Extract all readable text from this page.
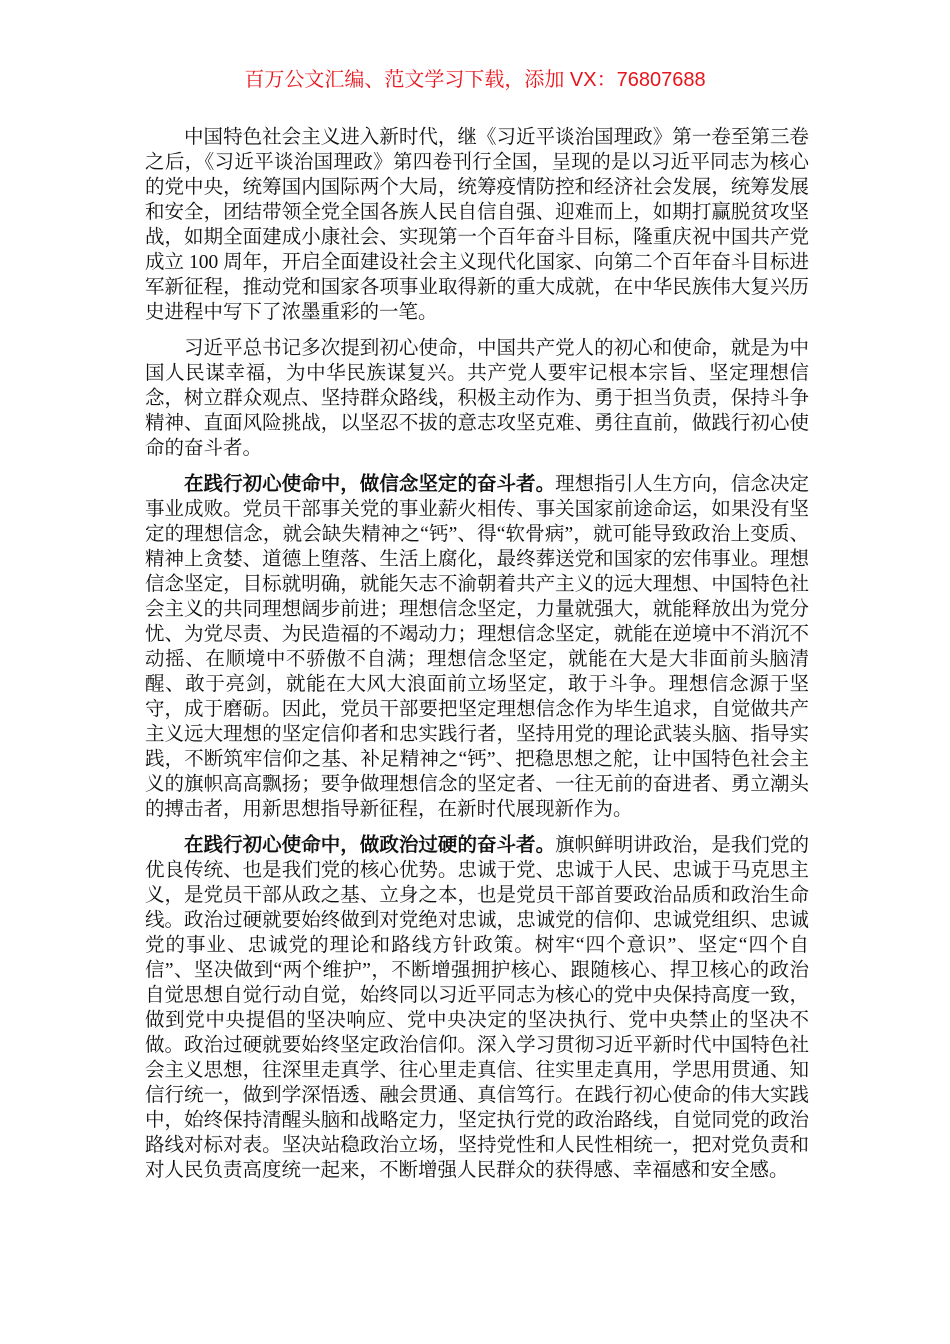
百万公文汇编、范文学习下载，添加 VX：76807688

中国特色社会主义进入新时代，继《习近平谈治国理政》第一卷至第三卷之后，《习近平谈治国理政》第四卷刊行全国，呈现的是以习近平同志为核心的党中央，统筹国内国际两个大局，统筹疫情防控和经济社会发展，统筹发展和安全，团结带领全党全国各族人民自信自强、迎难而上，如期打赢脱贫攻坚战，如期全面建成小康社会、实现第一个百年奋斗目标，隆重庆祝中国共产党成立 100 周年，开启全面建设社会主义现代化国家、向第二个百年奋斗目标进军新征程，推动党和国家各项事业取得新的重大成就，在中华民族伟大复兴历史进程中写下了浓墨重彩的一笔。

习近平总书记多次提到初心使命，中国共产党人的初心和使命，就是为中国人民谋幸福，为中华民族谋复兴。共产党人要牢记根本宗旨、坚定理想信念，树立群众观点、坚持群众路线，积极主动作为、勇于担当负责，保持斗争精神、直面风险挑战，以坚忍不拔的意志攻坚克难、勇往直前，做践行初心使命的奋斗者。

在践行初心使命中，做信念坚定的奋斗者。理想指引人生方向，信念决定事业成败。党员干部事关党的事业薪火相传、事关国家前途命运，如果没有坚定的理想信念，就会缺失精神之“钙”、得“软骨病”，就可能导致政治上变质、精神上贪婪、道德上堕落、生活上腐化，最终葬送党和国家的宏伟事业。理想信念坚定，目标就明确，就能矢志不渝朝着共产主义的远大理想、中国特色社会主义的共同理想阔步前进；理想信念坚定，力量就强大，就能释放出为党分忧、为党尽责、为民造福的不竭动力；理想信念坚定，就能在逆境中不消沉不动摇、在顺境中不骄傲不自满；理想信念坚定，就能在大是大非面前头脑清醒、敢于亮剑，就能在大风大浪面前立场坚定，敢于斗争。理想信念源于坚守，成于磨砺。因此，党员干部要把坚定理想信念作为毕生追求，自觉做共产主义远大理想的坚定信仰者和忠实践行者，坚持用党的理论武装头脑、指导实践，不断筑牢信仰之基、补足精神之“钙”、把稳思想之舵，让中国特色社会主义的旗帜高高飘扬；要争做理想信念的坚定者、一往无前的奋进者、勇立潮头的搏击者，用新思想指导新征程，在新时代展现新作为。

在践行初心使命中，做政治过硬的奋斗者。旗帜鲜明讲政治，是我们党的优良传统、也是我们党的核心优势。忠诚于党、忠诚于人民、忠诚于马克思主义，是党员干部从政之基、立身之本，也是党员干部首要政治品质和政治生命线。政治过硬就要始终做到对党绝对忠诚，忠诚党的信仰、忠诚党组织、忠诚党的事业、忠诚党的理论和路线方针政策。树牢“四个意识”、坚定“四个自信”、坚决做到“两个维护”，不断增强拥护核心、跟随核心、捍卫核心的政治自觉思想自觉行动自觉，始终同以习近平同志为核心的党中央保持高度一致，做到党中央提倡的坚决响应、党中央决定的坚决执行、党中央禁止的坚决不做。政治过硬就要始终坚定政治信仰。深入学习贯彻习近平新时代中国特色社会主义思想，往深里走真学、往心里走真信、往实里走真用，学思用贯通、知信行统一，做到学深悟透、融会贯通、真信笃行。在践行初心使命的伟大实践中，始终保持清醒头脑和战略定力，坚定执行党的政治路线，自觉同党的政治路线对标对表。坚决站稳政治立场，坚持党性和人民性相统一，把对党负责和对人民负责高度统一起来，不断增强人民群众的获得感、幸福感和安全感。
